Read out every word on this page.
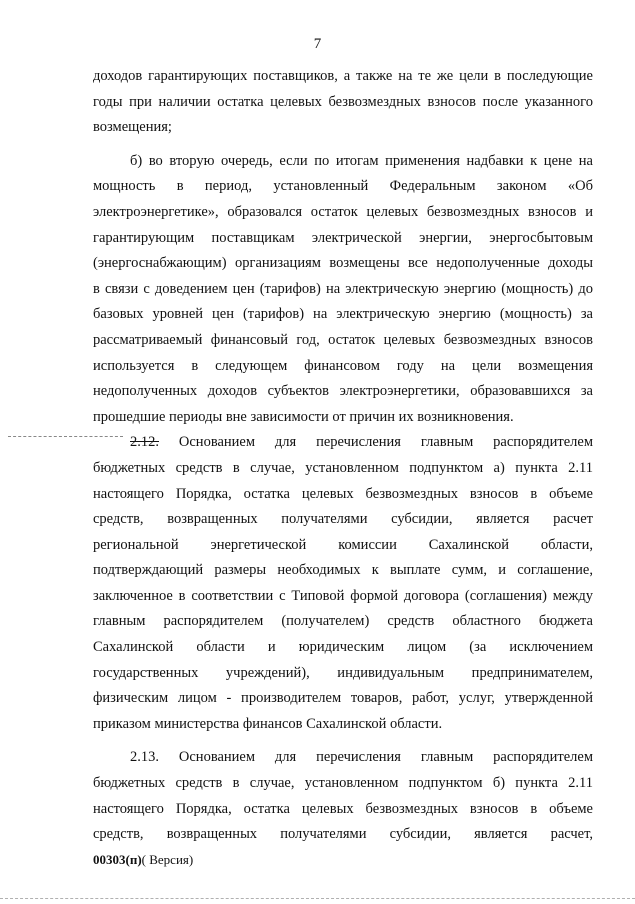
7
доходов гарантирующих поставщиков, а также на те же цели в последующие
годы при наличии остатка целевых безвозмездных взносов после указанного
возмещения;
б) во вторую очередь, если по итогам применения надбавки к цене на
мощность в период, установленный Федеральным законом «Об
электроэнергетике», образовался остаток целевых безвозмездных взносов и
гарантирующим поставщикам электрической энергии, энергосбытовым
(энергоснабжающим) организациям возмещены все недополученные доходы
в связи с доведением цен (тарифов) на электрическую энергию (мощность) до
базовых уровней цен (тарифов) на электрическую энергию (мощность) за
рассматриваемый финансовый год, остаток целевых безвозмездных взносов
используется в следующем финансовом году на цели возмещения
недополученных доходов субъектов электроэнергетики, образовавшихся за
прошедшие периоды вне зависимости от причин их возникновения.
2.12. Основанием для перечисления главным распорядителем
бюджетных средств в случае, установленном подпунктом а) пункта 2.11
настоящего Порядка, остатка целевых безвозмездных взносов в объеме
средств, возвращенных получателями субсидии, является расчет
региональной энергетической комиссии Сахалинской области,
подтверждающий размеры необходимых к выплате сумм, и соглашение,
заключенное в соответствии с Типовой формой договора (соглашения) между
главным распорядителем (получателем) средств областного бюджета
Сахалинской области и юридическим лицом (за исключением
государственных учреждений), индивидуальным предпринимателем,
физическим лицом - производителем товаров, работ, услуг, утвержденной
приказом министерства финансов Сахалинской области.
2.13. Основанием для перечисления главным распорядителем
бюджетных средств в случае, установленном подпунктом б) пункта 2.11
настоящего Порядка, остатка целевых безвозмездных взносов в объеме
средств, возвращенных получателями субсидии, является расчет,
00303(п)( Версия)
